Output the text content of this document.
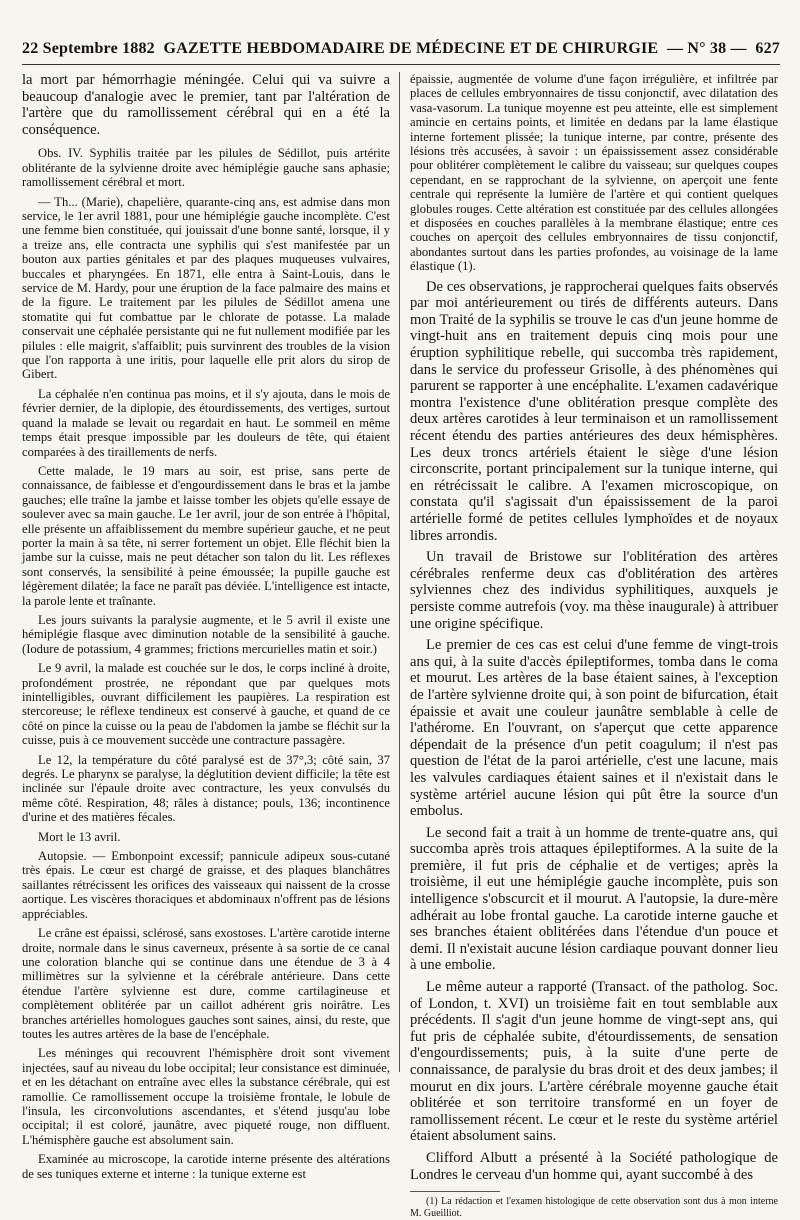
22 Septembre 1882 GAZETTE HEBDOMADAIRE DE MÉDECINE ET DE CHIRURGIE — N° 38 — 627

la mort par hémorrhagie méningée. Celui qui va suivre a beaucoup d'analogie avec le premier, tant par l'altération de l'artère que du ramollissement cérébral qui en a été la conséquence.

Obs. IV. Syphilis traitée par les pilules de Sédillot, puis artérite oblitérante de la sylvienne droite avec hémiplégie gauche sans aphasie; ramollissement cérébral et mort.

— Th... (Marie), chapelière, quarante-cinq ans, est admise dans mon service, le 1er avril 1881, pour une hémiplégie gauche incomplète. C'est une femme bien constituée, qui jouissait d'une bonne santé, lorsque, il y a treize ans, elle contracta une syphilis qui s'est manifestée par un bouton aux parties génitales et par des plaques muqueuses vulvaires, buccales et pharyngées. En 1871, elle entra à Saint-Louis, dans le service de M. Hardy, pour une éruption de la face palmaire des mains et de la figure. Le traitement par les pilules de Sédillot amena une stomatite qui fut combattue par le chlorate de potasse. La malade conservait une céphalée persistante qui ne fut nullement modifiée par les pilules : elle maigrit, s'affaiblit; puis survinrent des troubles de la vision que l'on rapporta à une iritis, pour laquelle elle prit alors du sirop de Gibert.

La céphalée n'en continua pas moins, et il s'y ajouta, dans le mois de février dernier, de la diplopie, des étourdissements, des vertiges, surtout quand la malade se levait ou regardait en haut. Le sommeil en même temps était presque impossible par les douleurs de tête, qui étaient comparées à des tiraillements de nerfs.

Cette malade, le 19 mars au soir, est prise, sans perte de connaissance, de faiblesse et d'engourdissement dans le bras et la jambe gauches; elle traîne la jambe et laisse tomber les objets qu'elle essaye de soulever avec sa main gauche. Le 1er avril, jour de son entrée à l'hôpital, elle présente un affaiblissement du membre supérieur gauche, et ne peut porter la main à sa tête, ni serrer fortement un objet. Elle fléchit bien la jambe sur la cuisse, mais ne peut détacher son talon du lit. Les réflexes sont conservés, la sensibilité à peine émoussée; la pupille gauche est légèrement dilatée; la face ne paraît pas déviée. L'intelligence est intacte, la parole lente et traînante.

Les jours suivants la paralysie augmente, et le 5 avril il existe une hémiplégie flasque avec diminution notable de la sensibilité à gauche. (Iodure de potassium, 4 grammes; frictions mercurielles matin et soir.)

Le 9 avril, la malade est couchée sur le dos, le corps incliné à droite, profondément prostrée, ne répondant que par quelques mots inintelligibles, ouvrant difficilement les paupières. La respiration est stercoreuse; le réflexe tendineux est conservé à gauche, et quand de ce côté on pince la cuisse ou la peau de l'abdomen la jambe se fléchit sur la cuisse, puis à ce mouvement succède une contracture passagère.

Le 12, la température du côté paralysé est de 37°,3; côté sain, 37 degrés. Le pharynx se paralyse, la déglutition devient difficile; la tête est inclinée sur l'épaule droite avec contracture, les yeux convulsés du même côté. Respiration, 48; râles à distance; pouls, 136; incontinence d'urine et des matières fécales.

Mort le 13 avril.

Autopsie. — Embonpoint excessif; pannicule adipeux sous-cutané très épais. Le cœur est chargé de graisse, et des plaques blanchâtres saillantes rétrécissent les orifices des vaisseaux qui naissent de la crosse aortique. Les viscères thoraciques et abdominaux n'offrent pas de lésions appréciables.

Le crâne est épaissi, sclérosé, sans exostoses. L'artère carotide interne droite, normale dans le sinus caverneux, présente à sa sortie de ce canal une coloration blanche qui se continue dans une étendue de 3 à 4 millimètres sur la sylvienne et la cérébrale antérieure. Dans cette étendue l'artère sylvienne est dure, comme cartilagineuse et complètement oblitérée par un caillot adhérent gris noirâtre. Les branches artérielles homologues gauches sont saines, ainsi, du reste, que toutes les autres artères de la base de l'encéphale.

Les méninges qui recouvrent l'hémisphère droit sont vivement injectées, sauf au niveau du lobe occipital; leur consistance est diminuée, et en les détachant on entraîne avec elles la substance cérébrale, qui est ramollie. Ce ramollissement occupe la troisième frontale, le lobule de l'insula, les circonvolutions ascendantes, et s'étend jusqu'au lobe occipital; il est coloré, jaunâtre, avec piqueté rouge, non diffluent. L'hémisphère gauche est absolument sain.

Examinée au microscope, la carotide interne présente des altérations de ses tuniques externe et interne : la tunique externe est

épaissie, augmentée de volume d'une façon irrégulière, et infiltrée par places de cellules embryonnaires de tissu conjonctif, avec dilatation des vasa-vasorum. La tunique moyenne est peu atteinte, elle est simplement amincie en certains points, et limitée en dedans par la lame élastique interne fortement plissée; la tunique interne, par contre, présente des lésions très accusées, à savoir : un épaississement assez considérable pour oblitérer complètement le calibre du vaisseau; sur quelques coupes cependant, en se rapprochant de la sylvienne, on aperçoit une fente centrale qui représente la lumière de l'artère et qui contient quelques globules rouges. Cette altération est constituée par des cellules allongées et disposées en couches parallèles à la membrane élastique; entre ces couches on aperçoit des cellules embryonnaires de tissu conjonctif, abondantes surtout dans les parties profondes, au voisinage de la lame élastique (1).

De ces observations, je rapprocherai quelques faits observés par moi antérieurement ou tirés de différents auteurs. Dans mon Traité de la syphilis se trouve le cas d'un jeune homme de vingt-huit ans en traitement depuis cinq mois pour une éruption syphilitique rebelle, qui succomba très rapidement, dans le service du professeur Grisolle, à des phénomènes qui parurent se rapporter à une encéphalite. L'examen cadavérique montra l'existence d'une oblitération presque complète des deux artères carotides à leur terminaison et un ramollissement récent étendu des parties antérieures des deux hémisphères. Les deux troncs artériels étaient le siège d'une lésion circonscrite, portant principalement sur la tunique interne, qui en rétrécissait le calibre. A l'examen microscopique, on constata qu'il s'agissait d'un épaississement de la paroi artérielle formé de petites cellules lymphoïdes et de noyaux libres arrondis.

Un travail de Bristowe sur l'oblitération des artères cérébrales renferme deux cas d'oblitération des artères sylviennes chez des individus syphilitiques, auxquels je persiste comme autrefois (voy. ma thèse inaugurale) à attribuer une origine spécifique.

Le premier de ces cas est celui d'une femme de vingt-trois ans qui, à la suite d'accès épileptiformes, tomba dans le coma et mourut. Les artères de la base étaient saines, à l'exception de l'artère sylvienne droite qui, à son point de bifurcation, était épaissie et avait une couleur jaunâtre semblable à celle de l'athérome. En l'ouvrant, on s'aperçut que cette apparence dépendait de la présence d'un petit coagulum; il n'est pas question de l'état de la paroi artérielle, c'est une lacune, mais les valvules cardiaques étaient saines et il n'existait dans le système artériel aucune lésion qui pût être la source d'un embolus.

Le second fait a trait à un homme de trente-quatre ans, qui succomba après trois attaques épileptiformes. A la suite de la première, il fut pris de céphalie et de vertiges; après la troisième, il eut une hémiplégie gauche incomplète, puis son intelligence s'obscurcit et il mourut. A l'autopsie, la dure-mère adhérait au lobe frontal gauche. La carotide interne gauche et ses branches étaient oblitérées dans l'étendue d'un pouce et demi. Il n'existait aucune lésion cardiaque pouvant donner lieu à une embolie.

Le même auteur a rapporté (Transact. of the patholog. Soc. of London, t. XVI) un troisième fait en tout semblable aux précédents. Il s'agit d'un jeune homme de vingt-sept ans, qui fut pris de céphalée subite, d'étourdissements, de sensation d'engourdissements; puis, à la suite d'une perte de connaissance, de paralysie du bras droit et des deux jambes; il mourut en dix jours. L'artère cérébrale moyenne gauche était oblitérée et son territoire transformé en un foyer de ramollissement récent. Le cœur et le reste du système artériel étaient absolument sains.

Clifford Albutt a présenté à la Société pathologique de Londres le cerveau d'un homme qui, ayant succombé à des

(1) La rédaction et l'examen histologique de cette observation sont dus à mon interne M. Gueilliot.
